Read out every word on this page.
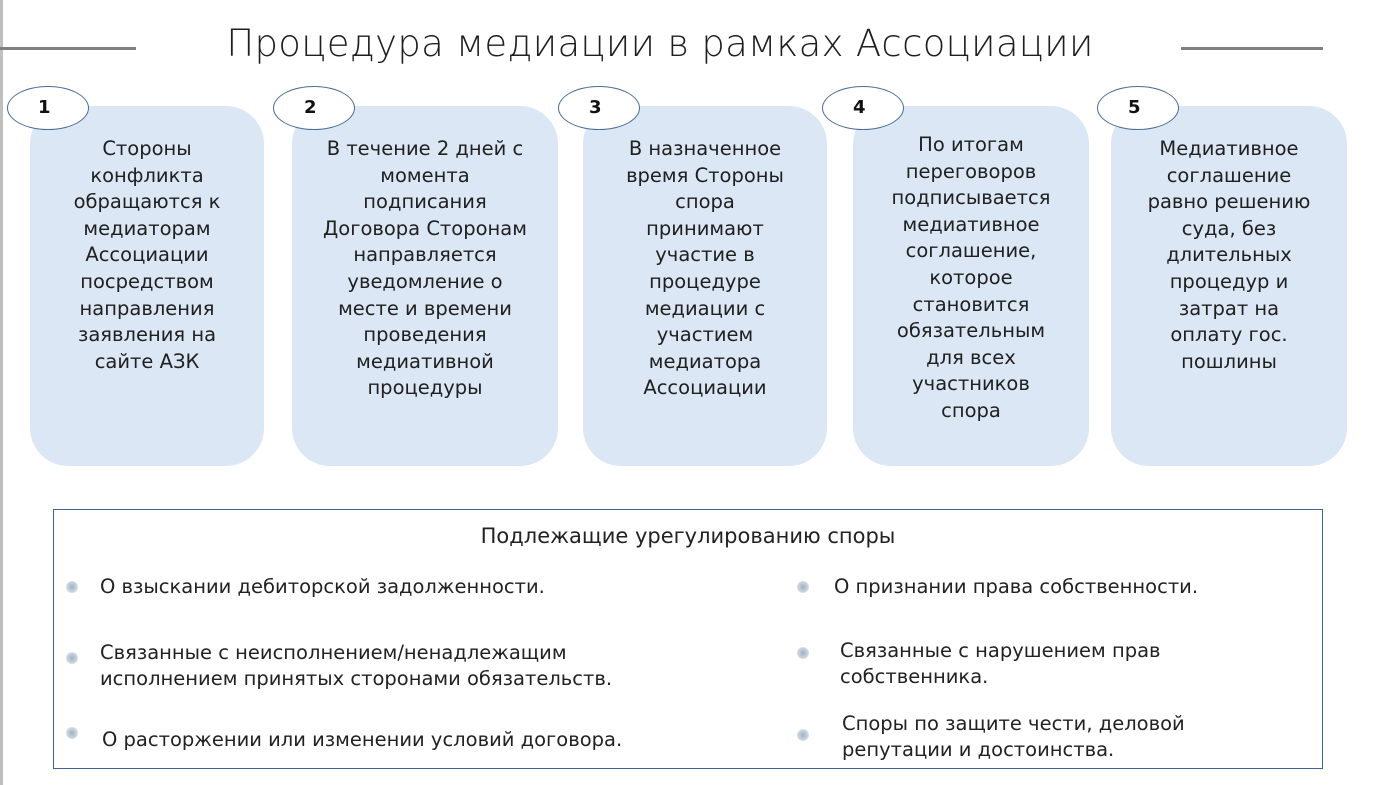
Процедура медиации в рамках Ассоциации
Стороны
конфликта
обращаются к
медиаторам
Ассоциации
посредством
направления
заявления на
сайте АЗК
1
В течение 2 дней с
момента
подписания
Договора Сторонам
направляется
уведомление о
месте и времени
проведения
медиативной
процедуры
2
В назначенное
время Стороны
спора
принимают
участие в
процедуре
медиации с
участием
медиатора
Ассоциации
3
По итогам
переговоров
подписывается
медиативное
соглашение,
которое
становится
обязательным
для всех
участников
спора
4
Медиативное
соглашение
равно решению
суда, без
длительных
процедур и
затрат на
оплату гос.
пошлины
5
Подлежащие урегулированию споры
О взыскании дебиторской задолженности.
Связанные с неисполнением/ненадлежащим
исполнением принятых сторонами обязательств.
О расторжении или изменении условий договора.
О признании права собственности.
Связанные с нарушением прав
собственника.
Споры по защите чести, деловой
репутации и достоинства.
